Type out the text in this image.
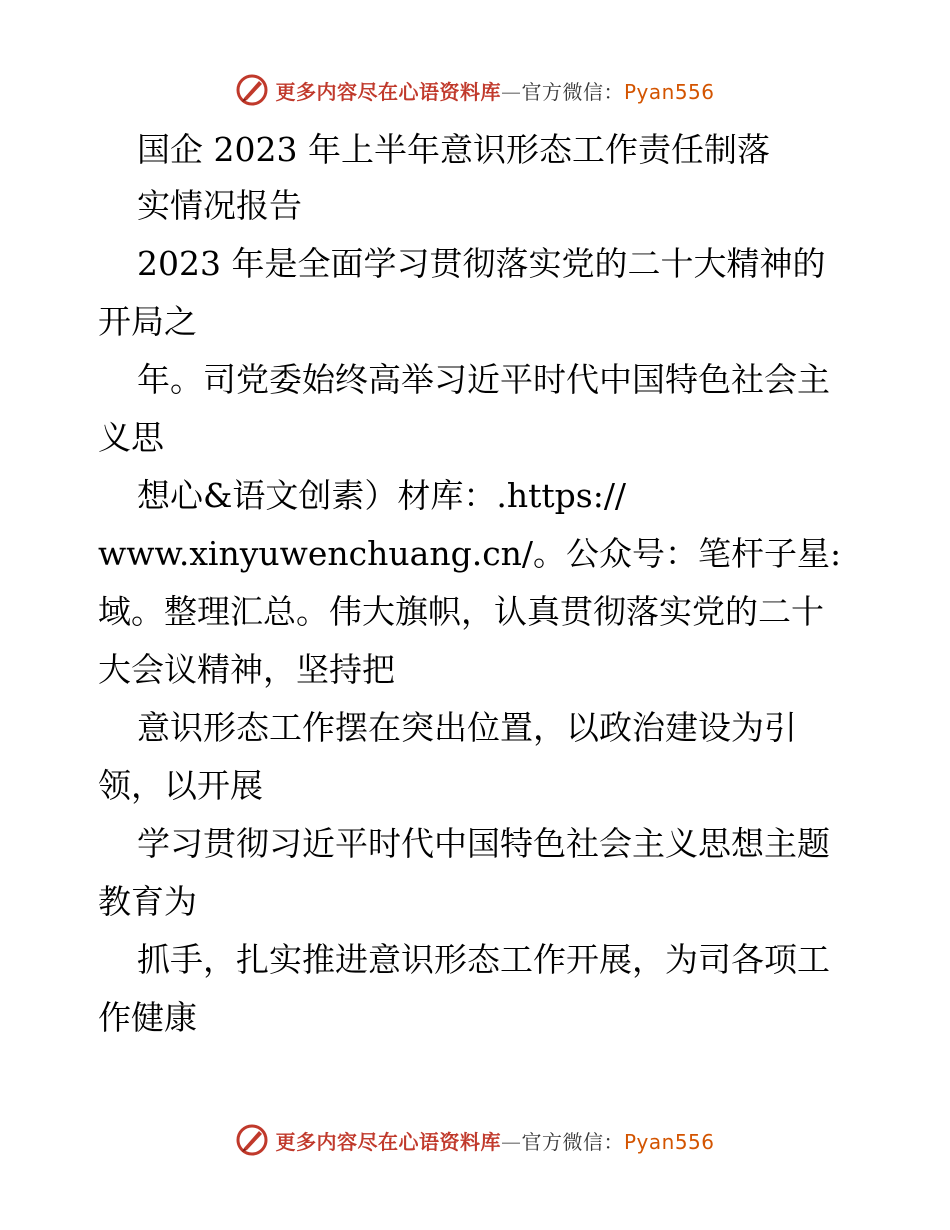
更多内容尽在心语资料库—官方微信：Pyan556
国企 2023 年上半年意识形态工作责任制落
实情况报告
2023 年是全面学习贯彻落实党的二十大精神的
开局之
年。司党委始终高举习近平时代中国特色社会主
义思
想心&语文创素）材库：.https://
www.xinyuwenchuang.cn/。公众号：笔杆子星:
域。整理汇总。伟大旗帜，认真贯彻落实党的二十
大会议精神，坚持把
意识形态工作摆在突出位置，以政治建设为引
领，以开展
学习贯彻习近平时代中国特色社会主义思想主题
教育为
抓手，扎实推进意识形态工作开展，为司各项工
作健康
更多内容尽在心语资料库—官方微信：Pyan556
